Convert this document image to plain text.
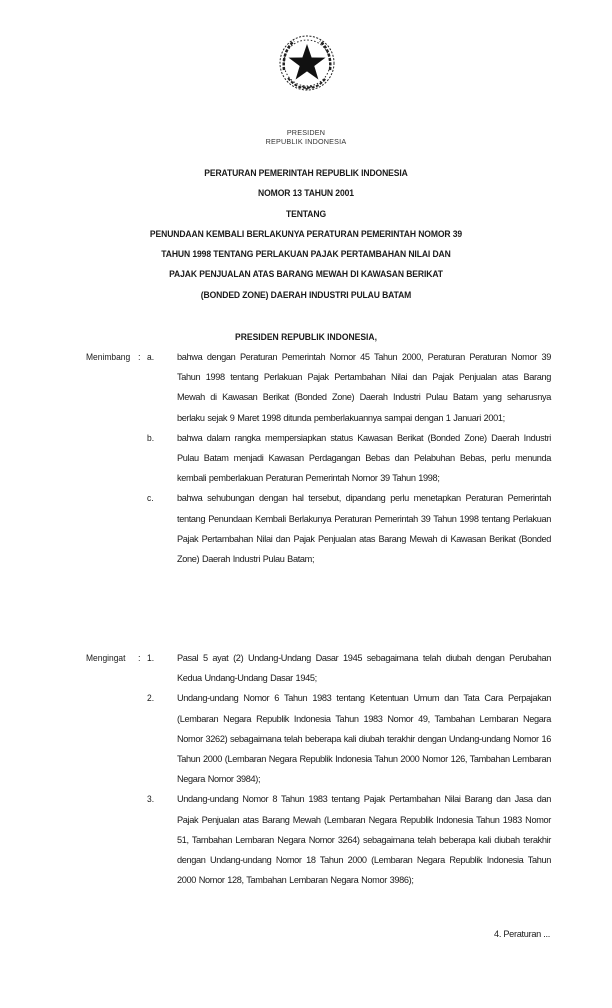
PRESIDEN
REPUBLIK INDONESIA
PERATURAN PEMERINTAH REPUBLIK INDONESIA
NOMOR 13 TAHUN 2001
TENTANG
PENUNDAAN KEMBALI BERLAKUNYA PERATURAN PEMERINTAH NOMOR 39
TAHUN 1998 TENTANG PERLAKUAN PAJAK PERTAMBAHAN NILAI DAN
PAJAK PENJUALAN ATAS BARANG MEWAH DI KAWASAN BERIKAT
(BONDED ZONE) DAERAH INDUSTRI PULAU BATAM
PRESIDEN REPUBLIK INDONESIA,
Menimbang : a. bahwa dengan Peraturan Pemerintah Nomor 45 Tahun 2000, Peraturan Peraturan Nomor 39 Tahun 1998 tentang Perlakuan Pajak Pertambahan Nilai dan Pajak Penjualan atas Barang Mewah di Kawasan Berikat (Bonded Zone) Daerah Industri Pulau Batam yang seharusnya berlaku sejak 9 Maret 1998 ditunda pemberlakuannya sampai dengan 1 Januari 2001;
b. bahwa dalam rangka mempersiapkan status Kawasan Berikat (Bonded Zone) Daerah Industri Pulau Batam menjadi Kawasan Perdagangan Bebas dan Pelabuhan Bebas, perlu menunda kembali pemberlakuan Peraturan Pemerintah Nomor 39 Tahun 1998;
c.	bahwa sehubungan dengan hal tersebut, dipandang perlu menetapkan Peraturan Pemerintah tentang Penundaan Kembali Berlakunya Peraturan Pemerintah 39 Tahun 1998 tentang Perlakuan Pajak Pertambahan Nilai dan Pajak Penjualan atas Barang Mewah di Kawasan Berikat (Bonded Zone) Daerah Industri Pulau Batam;
Mengingat : 1. Pasal 5 ayat (2) Undang-Undang Dasar 1945 sebagaimana telah diubah dengan Perubahan Kedua Undang-Undang Dasar 1945;
2. Undang-undang Nomor 6 Tahun 1983 tentang Ketentuan Umum dan Tata Cara Perpajakan (Lembaran Negara Republik Indonesia Tahun 1983 Nomor 49, Tambahan Lembaran Negara Nomor 3262) sebagaimana telah beberapa kali diubah terakhir dengan Undang-undang Nomor 16 Tahun 2000 (Lembaran Negara Republik Indonesia Tahun 2000 Nomor 126, Tambahan Lembaran Negara Nomor 3984);
3. Undang-undang Nomor 8 Tahun 1983 tentang Pajak Pertambahan Nilai Barang dan Jasa dan Pajak Penjualan atas Barang Mewah (Lembaran Negara Republik Indonesia Tahun 1983 Nomor 51, Tambahan Lembaran Negara Nomor 3264) sebagaimana telah beberapa kali diubah terakhir dengan Undang-undang Nomor 18 Tahun 2000 (Lembaran Negara Republik Indonesia Tahun 2000 Nomor 128, Tambahan Lembaran Negara Nomor 3986);
4. Peraturan ...
